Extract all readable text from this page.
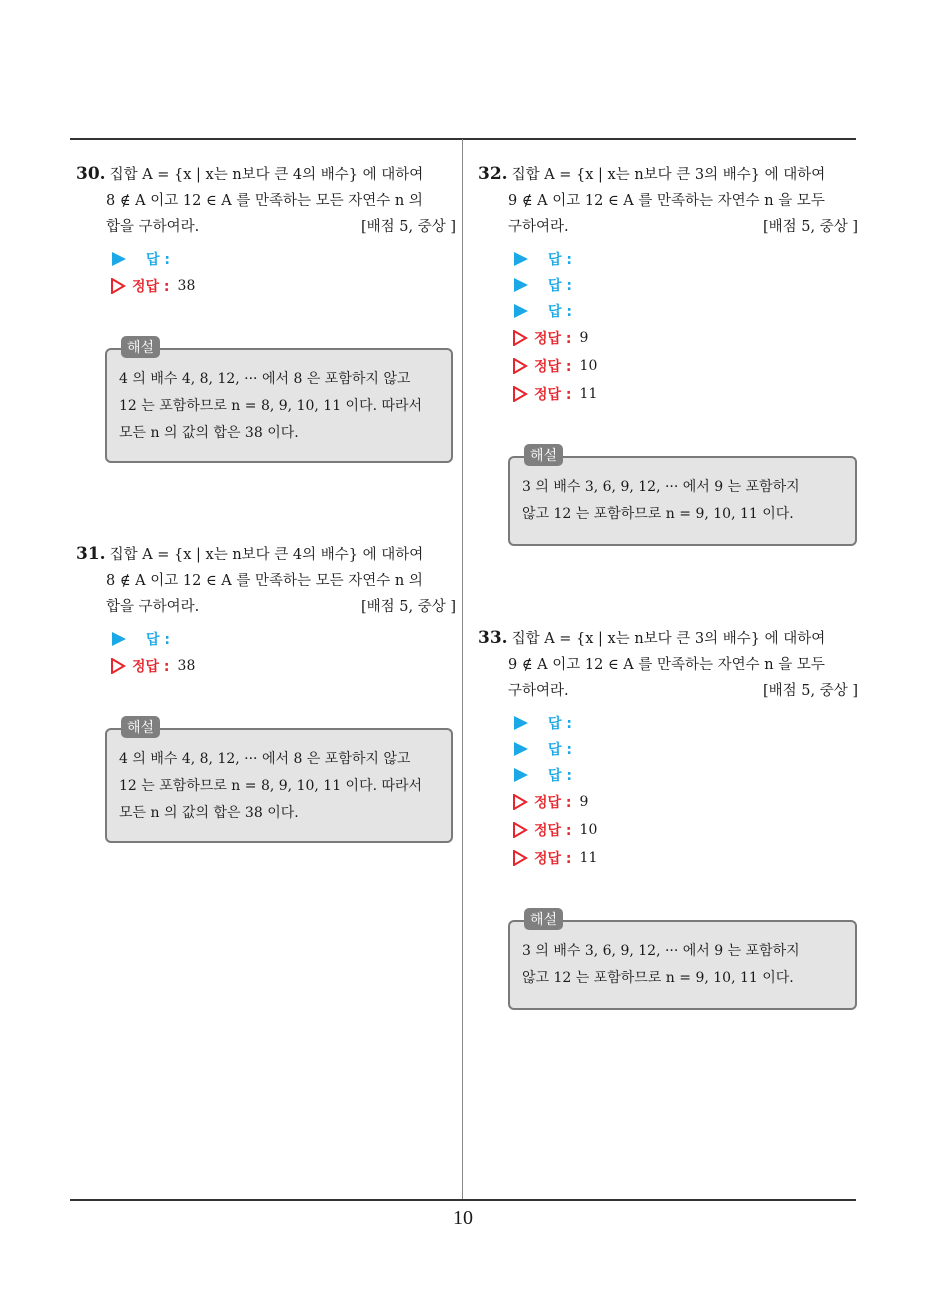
30. 집합 A = {x | x는 n보다 큰 4의 배수} 에 대하여
8 ∉ A 이고 12 ∈ A 를 만족하는 모든 자연수 n 의
합을 구하여라.	[배점 5, 중상 ]
답 :
정답 : 38
해설
4 의 배수 4, 8, 12, ··· 에서 8 은 포함하지 않고
12 는 포함하므로 n = 8, 9, 10, 11 이다. 따라서
모든 n 의 값의 합은 38 이다.
31. 집합 A = {x | x는 n보다 큰 4의 배수} 에 대하여
8 ∉ A 이고 12 ∈ A 를 만족하는 모든 자연수 n 의
합을 구하여라.	[배점 5, 중상 ]
답 :
정답 : 38
해설
4 의 배수 4, 8, 12, ··· 에서 8 은 포함하지 않고
12 는 포함하므로 n = 8, 9, 10, 11 이다. 따라서
모든 n 의 값의 합은 38 이다.
32. 집합 A = {x | x는 n보다 큰 3의 배수} 에 대하여
9 ∉ A 이고 12 ∈ A 를 만족하는 자연수 n 을 모두
구하여라.	[배점 5, 중상 ]
답 :
답 :
답 :
정답 : 9
정답 : 10
정답 : 11
해설
3 의 배수 3, 6, 9, 12, ··· 에서 9 는 포함하지
않고 12 는 포함하므로 n = 9, 10, 11 이다.
33. 집합 A = {x | x는 n보다 큰 3의 배수} 에 대하여
9 ∉ A 이고 12 ∈ A 를 만족하는 자연수 n 을 모두
구하여라.	[배점 5, 중상 ]
답 :
답 :
답 :
정답 : 9
정답 : 10
정답 : 11
해설
3 의 배수 3, 6, 9, 12, ··· 에서 9 는 포함하지
않고 12 는 포함하므로 n = 9, 10, 11 이다.
10
